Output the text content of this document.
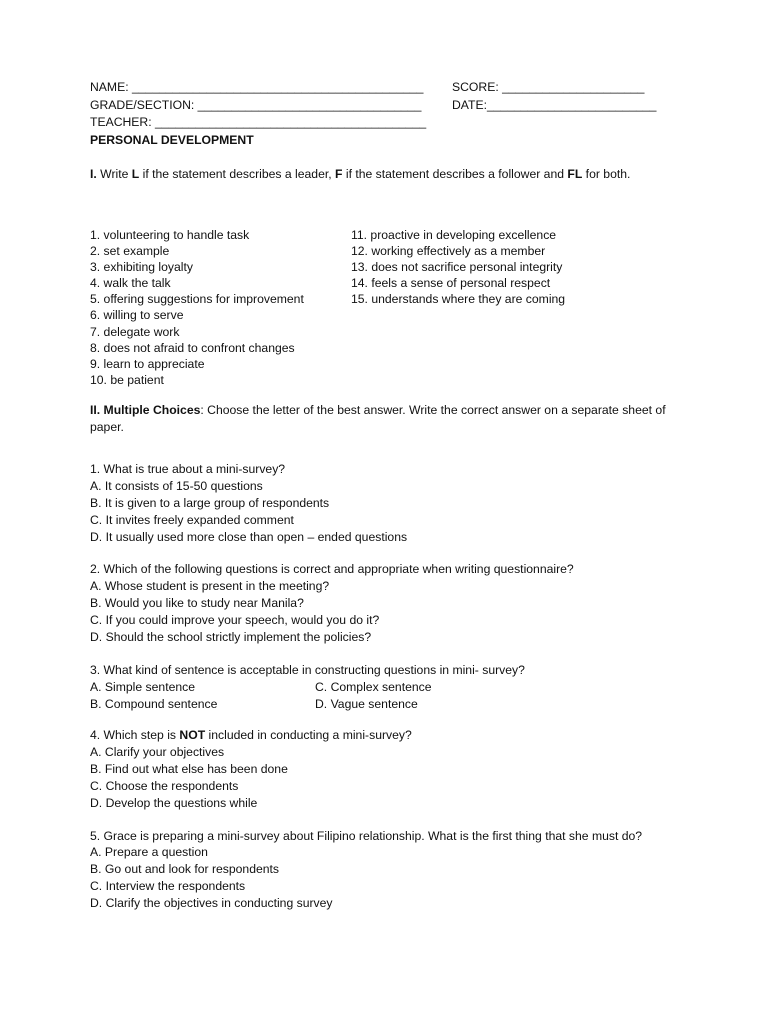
NAME: ___________________________________________ SCORE: _____________________
GRADE/SECTION: _________________________________	DATE:_________________________
TEACHER: ________________________________________
PERSONAL DEVELOPMENT
I. Write L if the statement describes a leader, F if the statement describes a follower and FL for both.
1. volunteering to handle task
2. set example
3. exhibiting loyalty
4. walk the talk
5. offering suggestions for improvement
6. willing to serve
7. delegate work
8. does not afraid to confront changes
9. learn to appreciate
10. be patient
11. proactive in developing excellence
12. working effectively as a member
13. does not sacrifice personal integrity
14. feels a sense of personal respect
15. understands where they are coming
II. Multiple Choices: Choose the letter of the best answer. Write the correct answer on a separate sheet of paper.
1. What is true about a mini-survey?
A. It consists of 15-50 questions
B. It is given to a large group of respondents
C. It invites freely expanded comment
D. It usually used more close than open – ended questions
2. Which of the following questions is correct and appropriate when writing questionnaire?
A. Whose student is present in the meeting?
B. Would you like to study near Manila?
C. If you could improve your speech, would you do it?
D. Should the school strictly implement the policies?
3. What kind of sentence is acceptable in constructing questions in mini- survey?
A. Simple sentence	C. Complex sentence
B. Compound sentence	D. Vague sentence
4. Which step is NOT included in conducting a mini-survey?
A. Clarify your objectives
B. Find out what else has been done
C. Choose the respondents
D. Develop the questions while
5. Grace is preparing a mini-survey about Filipino relationship. What is the first thing that she must do?
A. Prepare a question
B. Go out and look for respondents
C. Interview the respondents
D. Clarify the objectives in conducting survey
